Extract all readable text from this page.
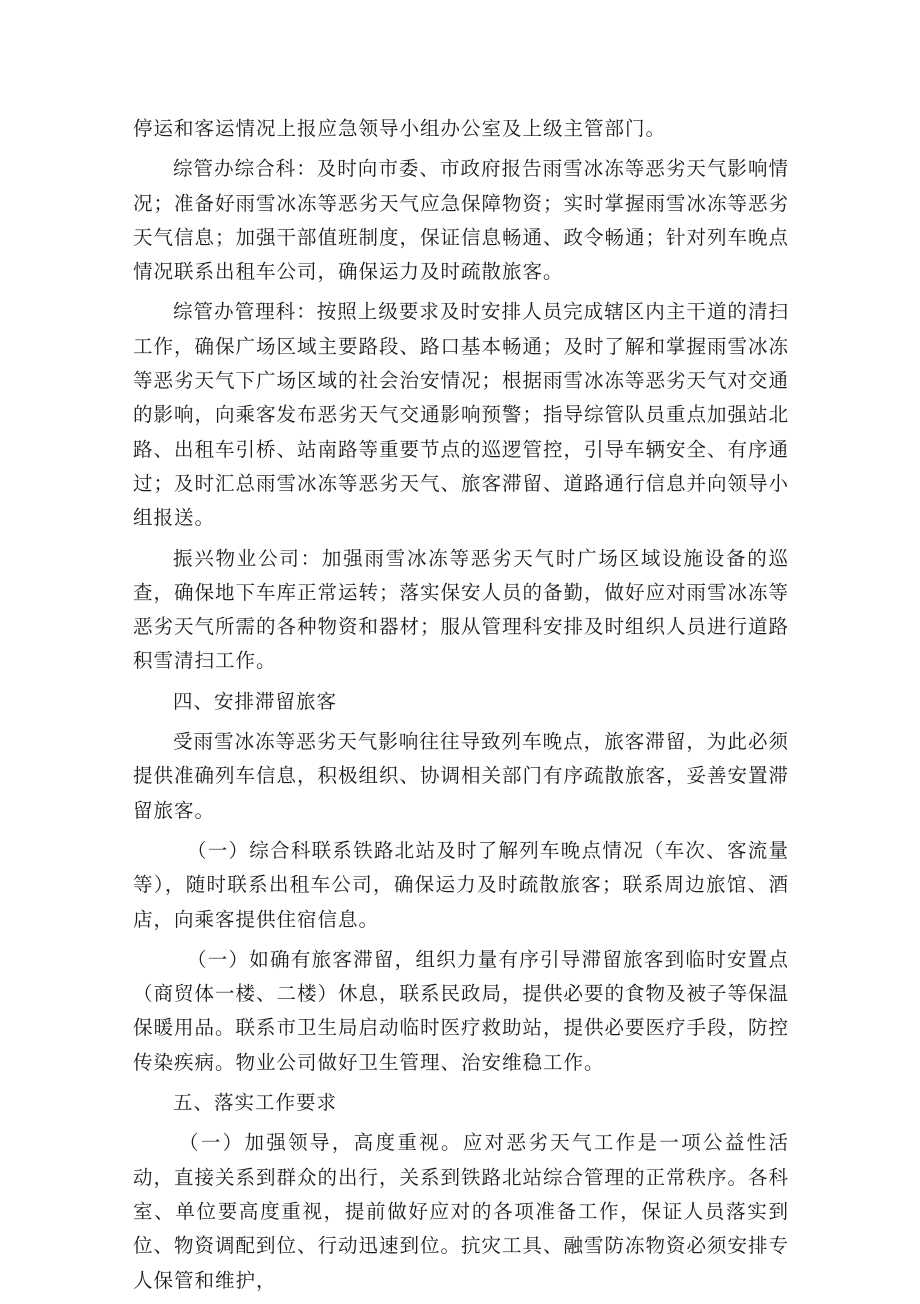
停运和客运情况上报应急领导小组办公室及上级主管部门。

综管办综合科：及时向市委、市政府报告雨雪冰冻等恶劣天气影响情况；准备好雨雪冰冻等恶劣天气应急保障物资；实时掌握雨雪冰冻等恶劣天气信息；加强干部值班制度，保证信息畅通、政令畅通；针对列车晚点情况联系出租车公司，确保运力及时疏散旅客。

综管办管理科：按照上级要求及时安排人员完成辖区内主干道的清扫工作，确保广场区域主要路段、路口基本畅通；及时了解和掌握雨雪冰冻等恶劣天气下广场区域的社会治安情况；根据雨雪冰冻等恶劣天气对交通的影响，向乘客发布恶劣天气交通影响预警；指导综管队员重点加强站北路、出租车引桥、站南路等重要节点的巡逻管控，引导车辆安全、有序通过；及时汇总雨雪冰冻等恶劣天气、旅客滞留、道路通行信息并向领导小组报送。

振兴物业公司：加强雨雪冰冻等恶劣天气时广场区域设施设备的巡查，确保地下车库正常运转；落实保安人员的备勤，做好应对雨雪冰冻等恶劣天气所需的各种物资和器材；服从管理科安排及时组织人员进行道路积雪清扫工作。

四、安排滞留旅客

受雨雪冰冻等恶劣天气影响往往导致列车晚点，旅客滞留，为此必须提供准确列车信息，积极组织、协调相关部门有序疏散旅客，妥善安置滞留旅客。

（一）综合科联系铁路北站及时了解列车晚点情况（车次、客流量等），随时联系出租车公司，确保运力及时疏散旅客；联系周边旅馆、酒店，向乘客提供住宿信息。

（一）如确有旅客滞留，组织力量有序引导滞留旅客到临时安置点（商贸体一楼、二楼）休息，联系民政局，提供必要的食物及被子等保温保暖用品。联系市卫生局启动临时医疗救助站，提供必要医疗手段，防控传染疾病。物业公司做好卫生管理、治安维稳工作。

五、落实工作要求

（一）加强领导，高度重视。应对恶劣天气工作是一项公益性活动，直接关系到群众的出行，关系到铁路北站综合管理的正常秩序。各科室、单位要高度重视，提前做好应对的各项准备工作，保证人员落实到位、物资调配到位、行动迅速到位。抗灾工具、融雪防冻物资必须安排专人保管和维护，
